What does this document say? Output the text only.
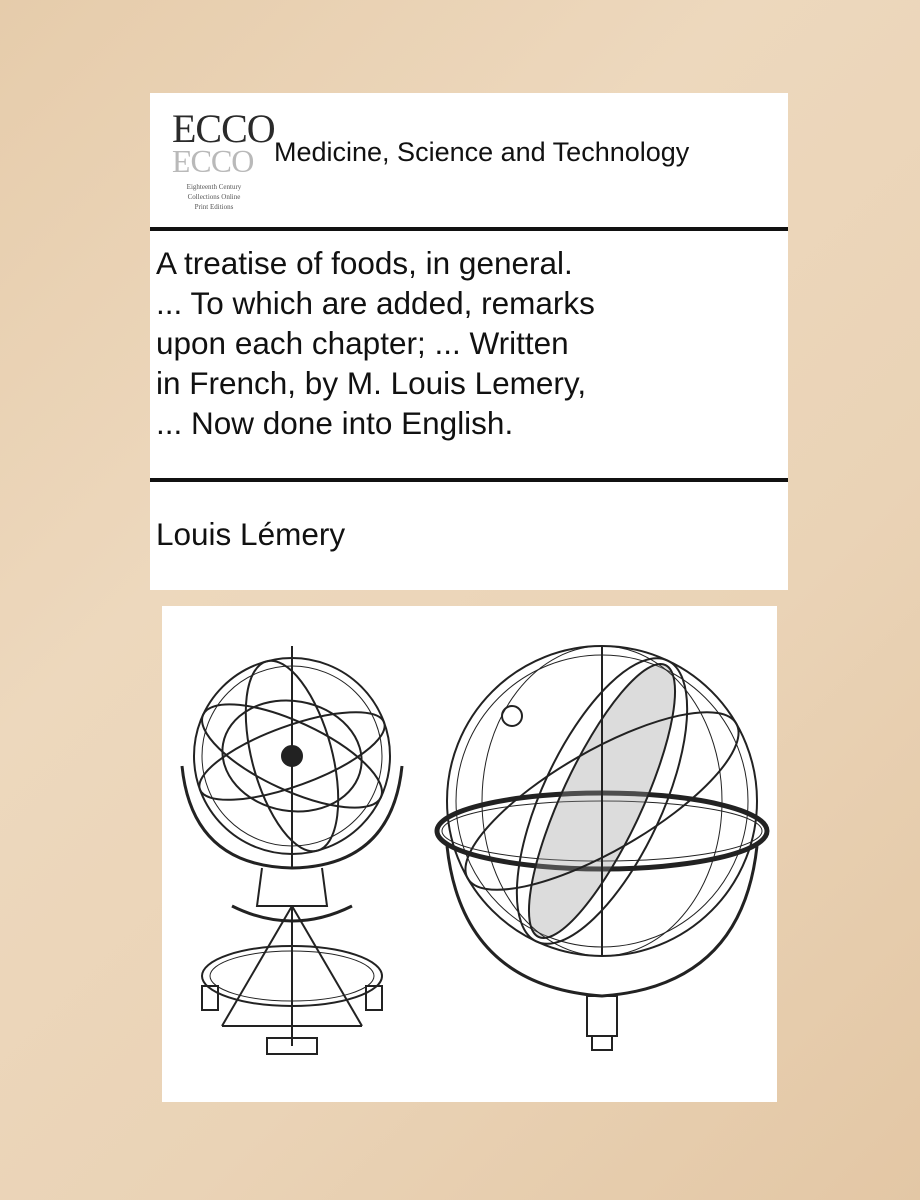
ECCO
ECCO
Eighteenth Century
Collections Online
Print Editions
Medicine, Science and Technology
A treatise of foods, in general.
... To which are added, remarks
upon each chapter; ... Written
in French, by M. Louis Lemery,
... Now done into English.

Louis Lémery
